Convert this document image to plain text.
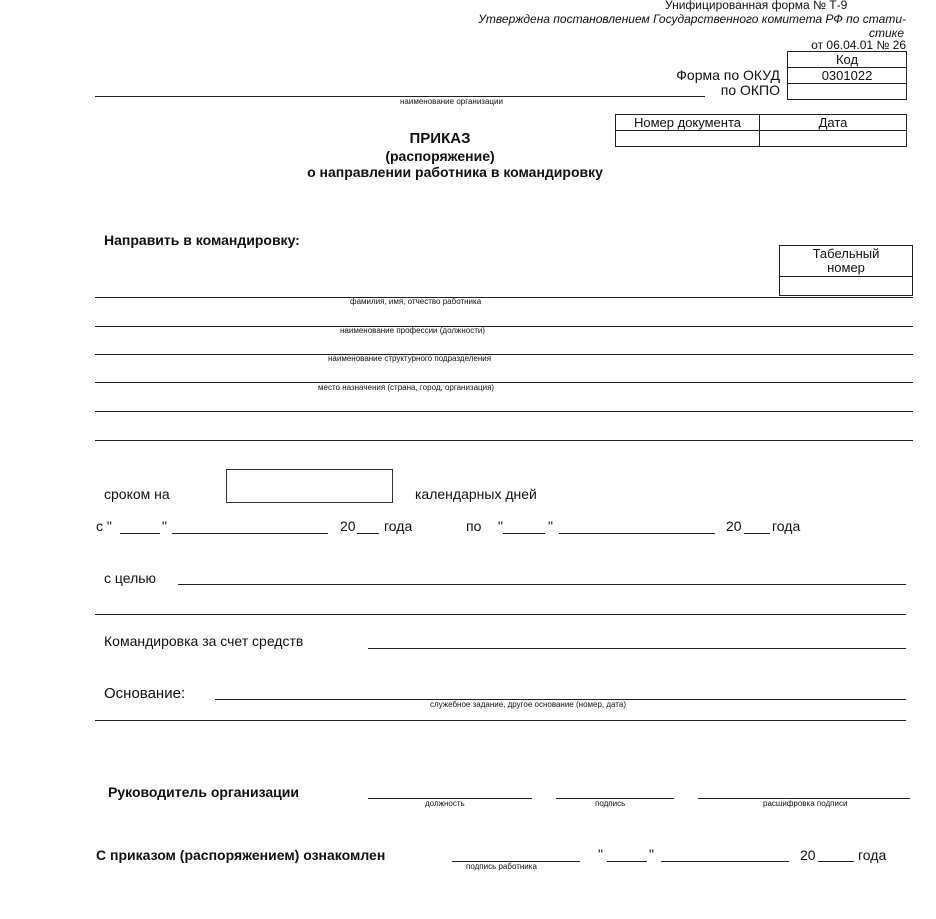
Унифицированная форма № Т-9
Утверждена постановлением Государственного комитета РФ по стати-
стике
от 06.04.01 № 26
Код
0301022

Форма по ОКУД
по ОКПО
наименование организации
Номер документа	Дата

ПРИКАЗ
(распоряжение)
о направлении работника в командировку
Направить в командировку:
Табельный
номер

фамилия, имя, отчество работника
наименование профессии (должности)
наименование структурного подразделения
место назначения (страна, город, организация)
сроком на	календарных дней
с "	"	20 года	по "	"	20 года
с целью
Командировка за счет средств
Основание:
служебное задание, другое основание (номер, дата)
Руководитель организации
должность	подпись	расшифровка подписи
С приказом (распоряжением) ознакомлен
подпись работника
"	"	20	года
